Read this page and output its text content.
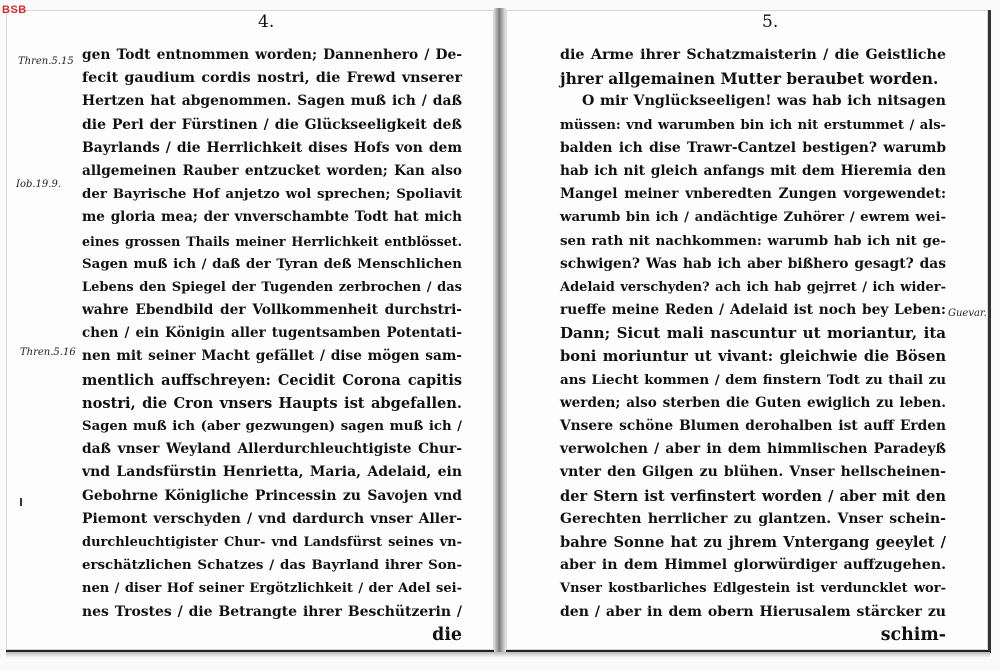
BSB
4.	5.
Thren.5.15
Iob.19.9.
Thren.5.16
Guevar.
gen Todt entnommen worden; Dannenhero / De-
fecit gaudium cordis nostri, die Frewd vnserer
Hertzen hat abgenommen. Sagen muß ich / daß
die Perl der Fürstinen / die Glückseeligkeit deß
Bayrlands / die Herrlichkeit dises Hofs von dem
allgemeinen Rauber entzucket worden; Kan also
der Bayrische Hof anjetzo wol sprechen; Spoliavit
me gloria mea; der vnverschambte Todt hat mich
eines grossen Thails meiner Herrlichkeit entblösset.
Sagen muß ich / daß der Tyran deß Menschlichen
Lebens den Spiegel der Tugenden zerbrochen / das
wahre Ebendbild der Vollkommenheit durchstri-
chen / ein Königin aller tugentsamben Potentati-
nen mit seiner Macht gefället / dise mögen sam-
mentlich auffschreyen: Cecidit Corona capitis
nostri, die Cron vnsers Haupts ist abgefallen.
Sagen muß ich (aber gezwungen) sagen muß ich /
daß vnser Weyland Allerdurchleuchtigiste Chur-
vnd Landsfürstin Henrietta, Maria, Adelaid, ein
Gebohrne Königliche Princessin zu Savojen vnd
Piemont verschyden / vnd dardurch vnser Aller-
durchleuchtigister Chur- vnd Landsfürst seines vn-
erschätzlichen Schatzes / das Bayrland ihrer Son-
nen / diser Hof seiner Ergötzlichkeit / der Adel sei-
nes Trostes / die Betrangte ihrer Beschützerin /
die
die Arme ihrer Schatzmaisterin / die Geistliche
jhrer allgemainen Mutter beraubet worden.
O mir Vnglückseeligen! was hab ich nitsagen
müssen: vnd warumben bin ich nit erstummet / als-
balden ich dise Trawr-Cantzel bestigen? warumb
hab ich nit gleich anfangs mit dem Hieremia den
Mangel meiner vnberedten Zungen vorgewendet:
warumb bin ich / andächtige Zuhörer / ewrem wei-
sen rath nit nachkommen: warumb hab ich nit ge-
schwigen? Was hab ich aber bißhero gesagt? das
Adelaid verschyden? ach ich hab gejrret / ich wider-
rueffe meine Reden / Adelaid ist noch bey Leben:
Dann; Sicut mali nascuntur ut moriantur, ita
boni moriuntur ut vivant: gleichwie die Bösen
ans Liecht kommen / dem finstern Todt zu thail zu
werden; also sterben die Guten ewiglich zu leben.
Vnsere schöne Blumen derohalben ist auff Erden
verwolchen / aber in dem himmlischen Paradeyß
vnter den Gilgen zu blühen. Vnser hellscheinen-
der Stern ist verfinstert worden / aber mit den
Gerechten herrlicher zu glantzen. Vnser schein-
bahre Sonne hat zu jhrem Vntergang geeylet /
aber in dem Himmel glorwürdiger auffzugehen.
Vnser kostbarliches Edlgestein ist verduncklet wor-
den / aber in dem obern Hierusalem stärcker zu
schim-
